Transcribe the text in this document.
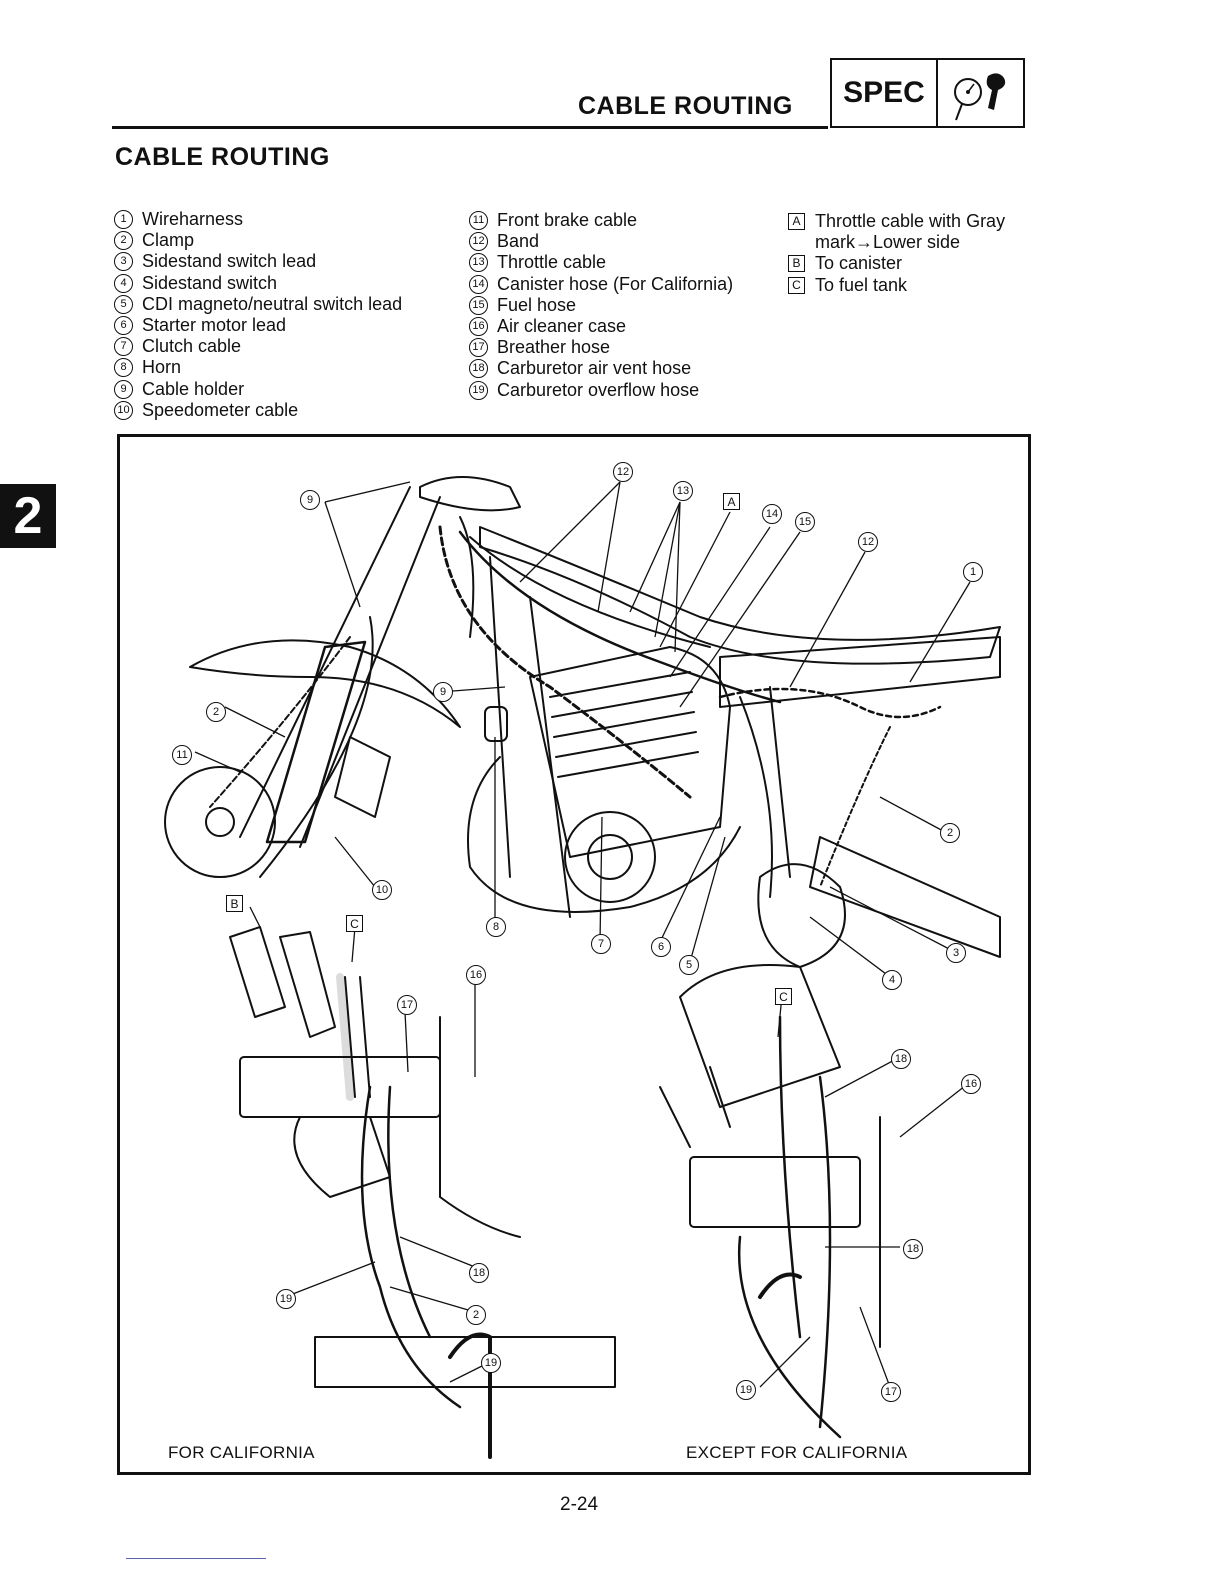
CABLE ROUTING	SPEC
CABLE ROUTING
2
1 Wireharness
2 Clamp
3 Sidestand switch lead
4 Sidestand switch
5 CDI magneto/neutral switch lead
6 Starter motor lead
7 Clutch cable
8 Horn
9 Cable holder
10 Speedometer cable
11 Front brake cable
12 Band
13 Throttle cable
14 Canister hose (For California)
15 Fuel hose
16 Air cleaner case
17 Breather hose
18 Carburetor air vent hose
19 Carburetor overflow hose
A Throttle cable with Gray mark→Lower side
B To canister
C To fuel tank
9
12
13
A
14
15
12
1
9
2
11
10
8
7	6
5
4
3
2
B
C
16
17
19
18
2
19
C
18
16
18
19	17
FOR CALIFORNIA	EXCEPT FOR CALIFORNIA
2-24
